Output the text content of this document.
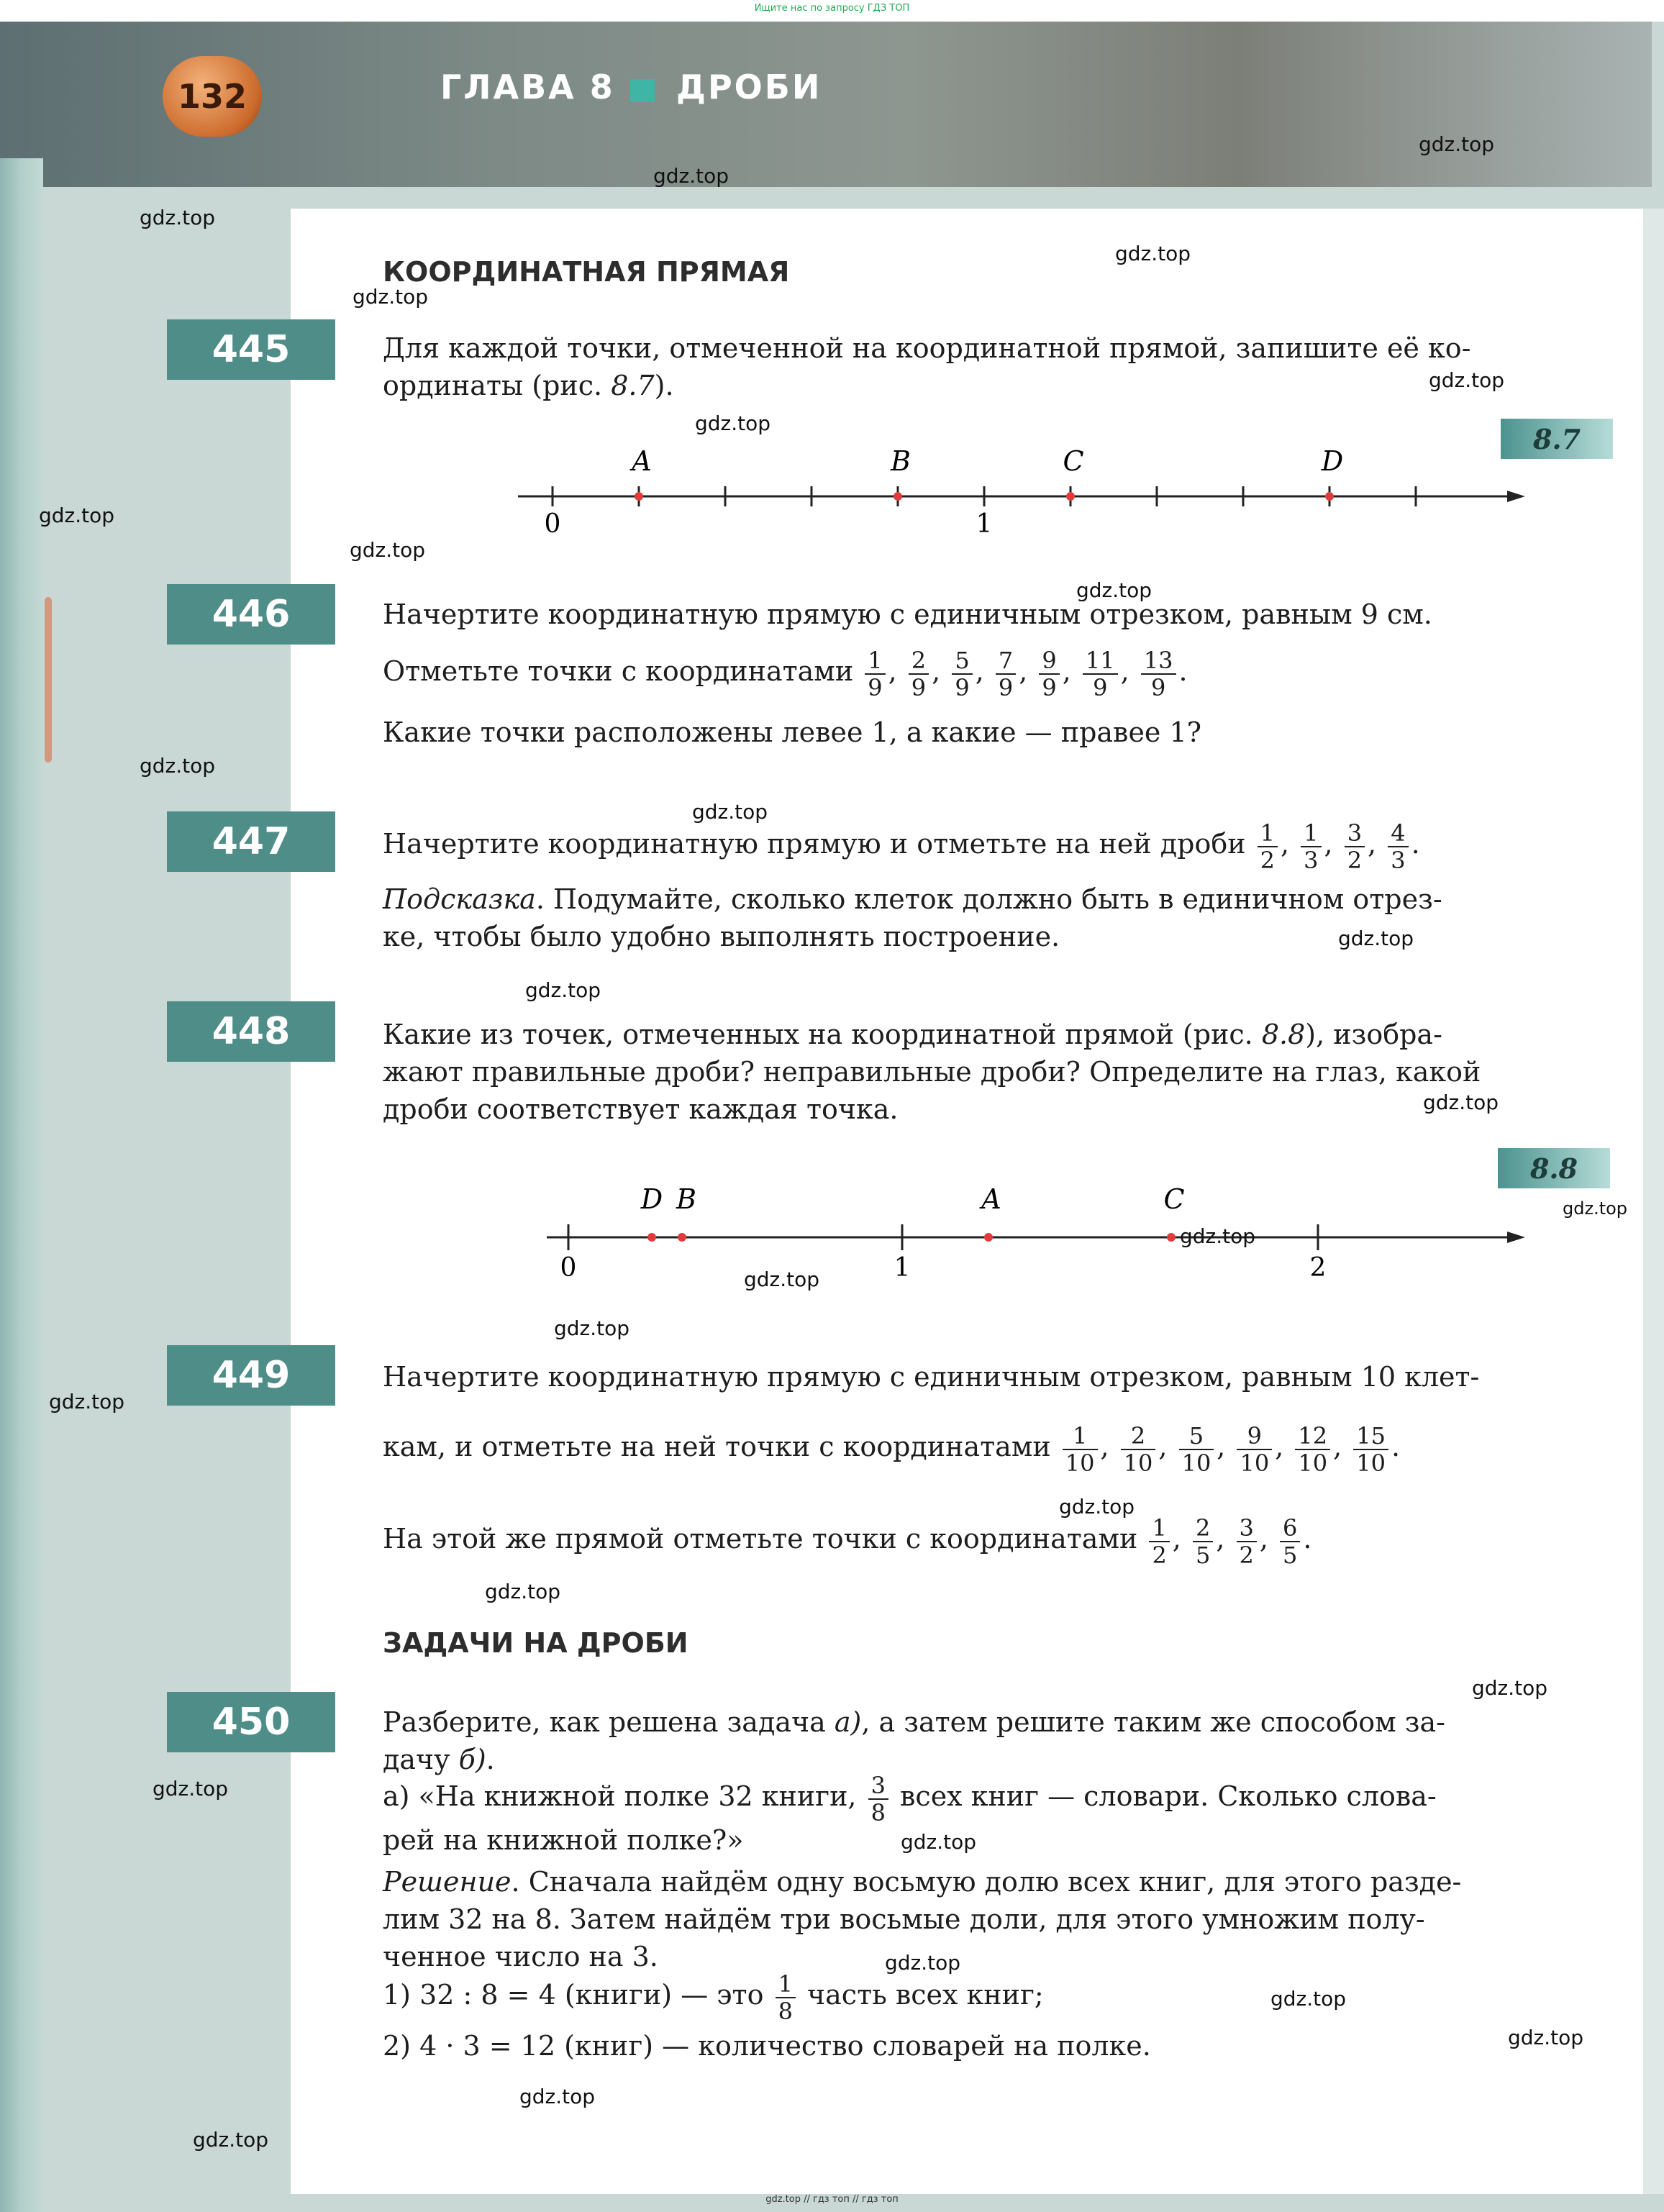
Ищите нас по запросу ГДЗ ТОП
132	ГЛАВА 8 ДРОБИ
КООРДИНАТНАЯ ПРЯМАЯ
445	Для каждой точки, отмеченной на координатной прямой, запишите её ко-
ординаты (рис. 8.7).
8.7
0	1
A	B	C	D
446	Начертите координатную прямую с единичным отрезком, равным 9 см.
Отметьте точки с координатами $\frac{1}{9}$ , $\frac{2}{9}$ , $\frac{5}{9}$ , $\frac{7}{9}$ , $\frac{9}{9}$ , $\frac{11}{9}$ , $\frac{13}{9}$ .
Какие точки расположены левее 1, а какие — правее 1?
447	Начертите координатную прямую и отметьте на ней дроби $\frac{1}{2}$ , $\frac{1}{3}$ , $\frac{3}{2}$ , $\frac{4}{3}$ .
Подсказка. Подумайте, сколько клеток должно быть в единичном отрез-
ке, чтобы было удобно выполнять построение.
448	Какие из точек, отмеченных на координатной прямой (рис. 8.8), изобра-
жают правильные дроби? неправильные дроби? Определите на глаз, какой
дроби соответствует каждая точка.
8.8
0	1	2
D B	A	C
449	Начертите координатную прямую с единичным отрезком, равным 10 клет-
кам, и отметьте на ней точки с координатами $\frac{1}{10}$ , $\frac{2}{10}$ , $\frac{5}{10}$ , $\frac{9}{10}$ , $\frac{12}{10}$ , $\frac{15}{10}$ .
На этой же прямой отметьте точки с координатами $\frac{1}{2}$ , $\frac{2}{5}$ , $\frac{3}{2}$ , $\frac{6}{5}$ .
ЗАДАЧИ НА ДРОБИ
450	Разберите, как решена задача а), а затем решите таким же способом за-
дачу б).
а) «На книжной полке 32 книги, $\frac{3}{8}$ всех книг — словари. Сколько слова-
рей на книжной полке?»
Решение. Сначала найдём одну восьмую долю всех книг, для этого разде-
лим 32 на 8. Затем найдём три восьмые доли, для этого умножим полу-
ченное число на 3.
1) 32 : 8 = 4 (книги) — это $\frac{1}{8}$ часть всех книг;
2) 4 · 3 = 12 (книг) — количество словарей на полке.
gdz.top
gdz.top
gdz.top
gdz.top
gdz.top
gdz.top
gdz.top
gdz.top
gdz.top
gdz.top
gdz.top
gdz.top
gdz.top
gdz.top
gdz.top
gdz.top
gdz.top
gdz.top
gdz.top
gdz.top
gdz.top
gdz.top
gdz.top
gdz.top
gdz.top
gdz.top
gdz.top
gdz.top
gdz.top
gdz.top
gdz.top // гдз топ // гдз топ
